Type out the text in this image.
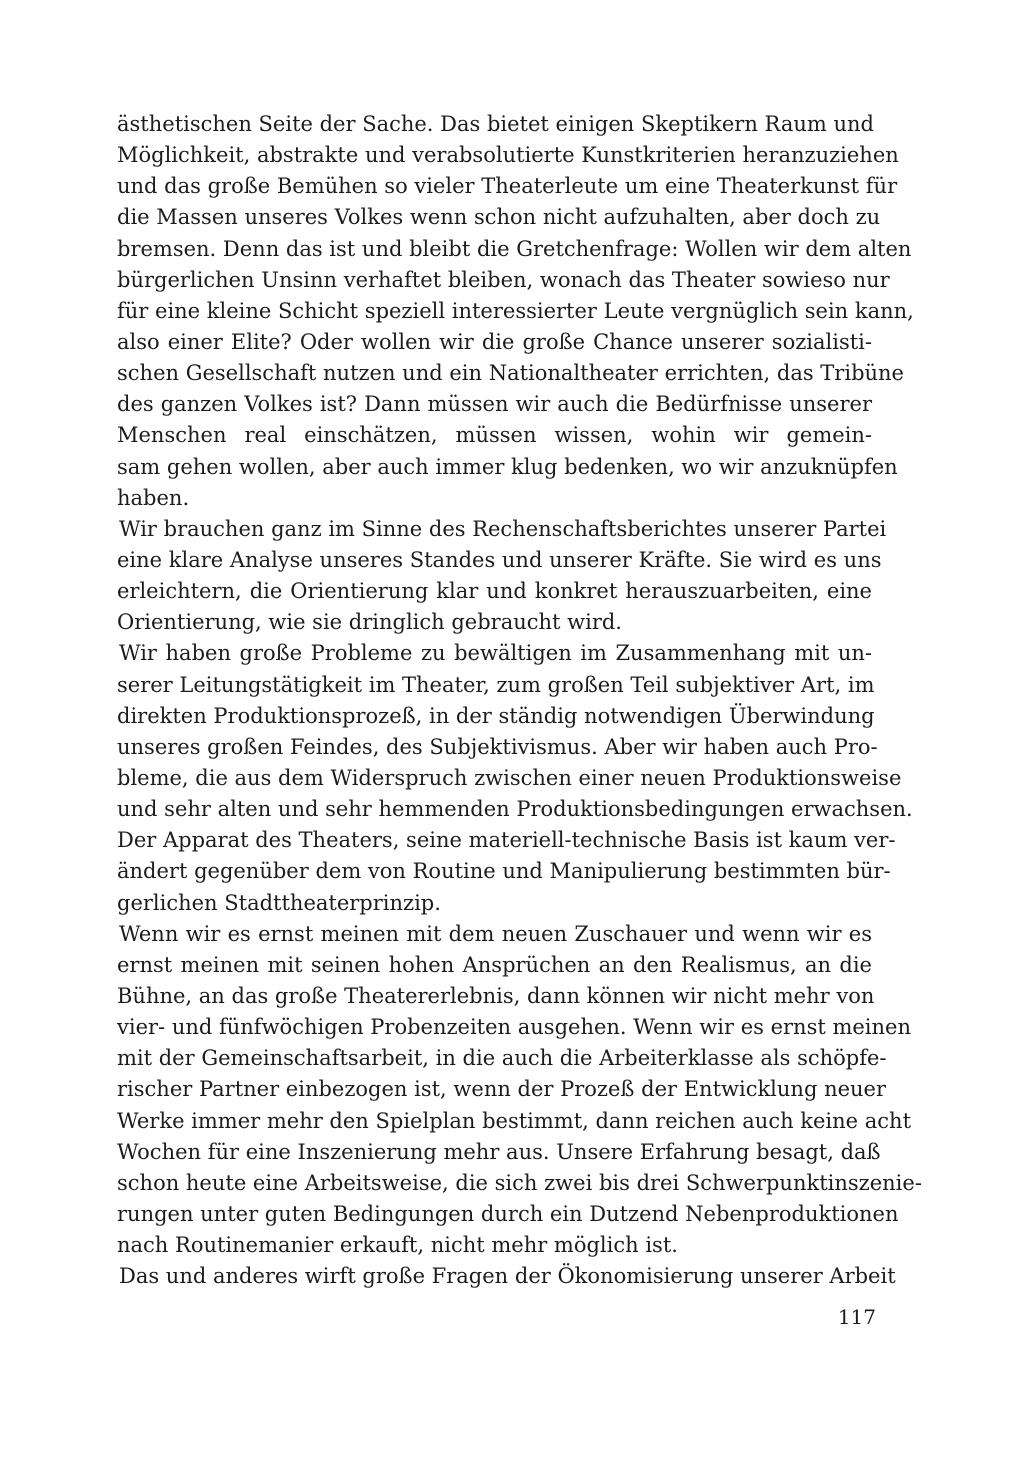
ästhetischen Seite der Sache. Das bietet einigen Skeptikern Raum und
Möglichkeit, abstrakte und verabsolutierte Kunstkriterien heranzuziehen
und das große Bemühen so vieler Theaterleute um eine Theaterkunst für
die Massen unseres Volkes wenn schon nicht aufzuhalten, aber doch zu
bremsen. Denn das ist und bleibt die Gretchenfrage: Wollen wir dem alten
bürgerlichen Unsinn verhaftet bleiben, wonach das Theater sowieso nur
für eine kleine Schicht speziell interessierter Leute vergnüglich sein kann,
also einer Elite? Oder wollen wir die große Chance unserer sozialisti-
schen Gesellschaft nutzen und ein Nationaltheater errichten, das Tribüne
des ganzen Volkes ist? Dann müssen wir auch die Bedürfnisse unserer
Menschen real einschätzen, müssen wissen, wohin wir gemein-
sam gehen wollen, aber auch immer klug bedenken, wo wir anzuknüpfen
haben.
Wir brauchen ganz im Sinne des Rechenschaftsberichtes unserer Partei
eine klare Analyse unseres Standes und unserer Kräfte. Sie wird es uns
erleichtern, die Orientierung klar und konkret herauszuarbeiten, eine
Orientierung, wie sie dringlich gebraucht wird.
Wir haben große Probleme zu bewältigen im Zusammenhang mit un-
serer Leitungstätigkeit im Theater, zum großen Teil subjektiver Art, im
direkten Produktionsprozeß, in der ständig notwendigen Überwindung
unseres großen Feindes, des Subjektivismus. Aber wir haben auch Pro-
bleme, die aus dem Widerspruch zwischen einer neuen Produktionsweise
und sehr alten und sehr hemmenden Produktionsbedingungen erwachsen.
Der Apparat des Theaters, seine materiell-technische Basis ist kaum ver-
ändert gegenüber dem von Routine und Manipulierung bestimmten bür-
gerlichen Stadttheaterprinzip.
Wenn wir es ernst meinen mit dem neuen Zuschauer und wenn wir es
ernst meinen mit seinen hohen Ansprüchen an den Realismus, an die
Bühne, an das große Theatererlebnis, dann können wir nicht mehr von
vier- und fünfwöchigen Probenzeiten ausgehen. Wenn wir es ernst meinen
mit der Gemeinschaftsarbeit, in die auch die Arbeiterklasse als schöpfe-
rischer Partner einbezogen ist, wenn der Prozeß der Entwicklung neuer
Werke immer mehr den Spielplan bestimmt, dann reichen auch keine acht
Wochen für eine Inszenierung mehr aus. Unsere Erfahrung besagt, daß
schon heute eine Arbeitsweise, die sich zwei bis drei Schwerpunktinszenie-
rungen unter guten Bedingungen durch ein Dutzend Nebenproduktionen
nach Routinemanier erkauft, nicht mehr möglich ist.
Das und anderes wirft große Fragen der Ökonomisierung unserer Arbeit
117
